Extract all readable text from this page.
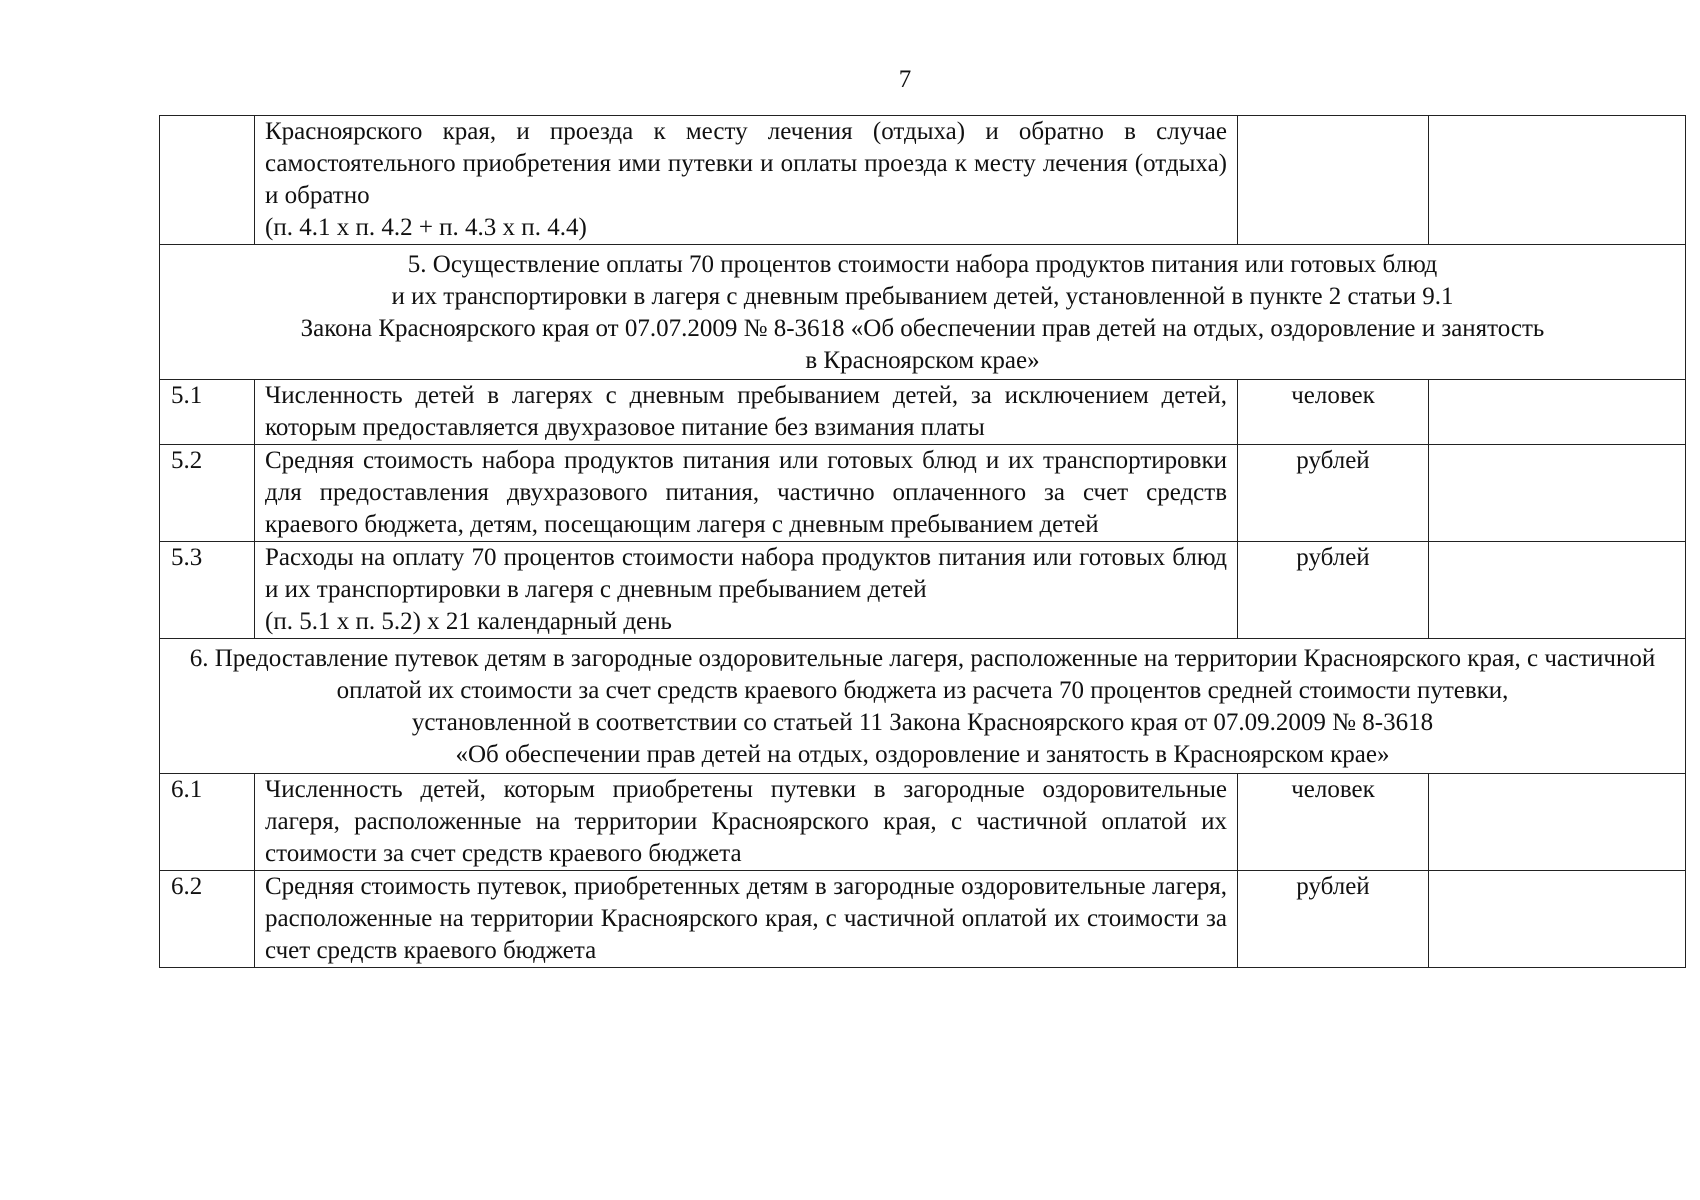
7

	Красноярского края, и проезда к месту лечения (отдыха) и обратно в случае самостоятельного приобретения ими путевки и оплаты проезда к месту лечения (отдыха) и обратно
(п. 4.1 х п. 4.2 + п. 4.3 х п. 4.4)		

5. Осуществление оплаты 70 процентов стоимости набора продуктов питания или готовых блюд
и их транспортировки в лагеря с дневным пребыванием детей, установленной в пункте 2 статьи 9.1
Закона Красноярского края от 07.07.2009 № 8-3618 «Об обеспечении прав детей на отдых, оздоровление и занятость
в Красноярском крае»			

5.1	Численность детей в лагерях с дневным пребыванием детей, за исключением детей, которым предоставляется двухразовое питание без взимания платы	человек	
5.2	Средняя стоимость набора продуктов питания или готовых блюд и их транспортировки для предоставления двухразового питания, частично оплаченного за счет средств краевого бюджета, детям, посещающим лагеря с дневным пребыванием детей	рублей	
5.3	Расходы на оплату 70 процентов стоимости набора продуктов питания или готовых блюд и их транспортировки в лагеря с дневным пребыванием детей
(п. 5.1 х п. 5.2) х 21 календарный день	рублей	

6. Предоставление путевок детям в загородные оздоровительные лагеря, расположенные на территории Красноярского края, с частичной оплатой их стоимости за счет средств краевого бюджета из расчета 70 процентов средней стоимости путевки,
установленной в соответствии со статьей 11 Закона Красноярского края от 07.09.2009 № 8-3618
«Об обеспечении прав детей на отдых, оздоровление и занятость в Красноярском крае»			

6.1	Численность детей, которым приобретены путевки в загородные оздоровительные лагеря, расположенные на территории Красноярского края, с частичной оплатой их стоимости за счет средств краевого бюджета	человек	
6.2	Средняя стоимость путевок, приобретенных детям в загородные оздоровительные лагеря, расположенные на территории Красноярского края, с частичной оплатой их стоимости за счет средств краевого бюджета	рублей	
